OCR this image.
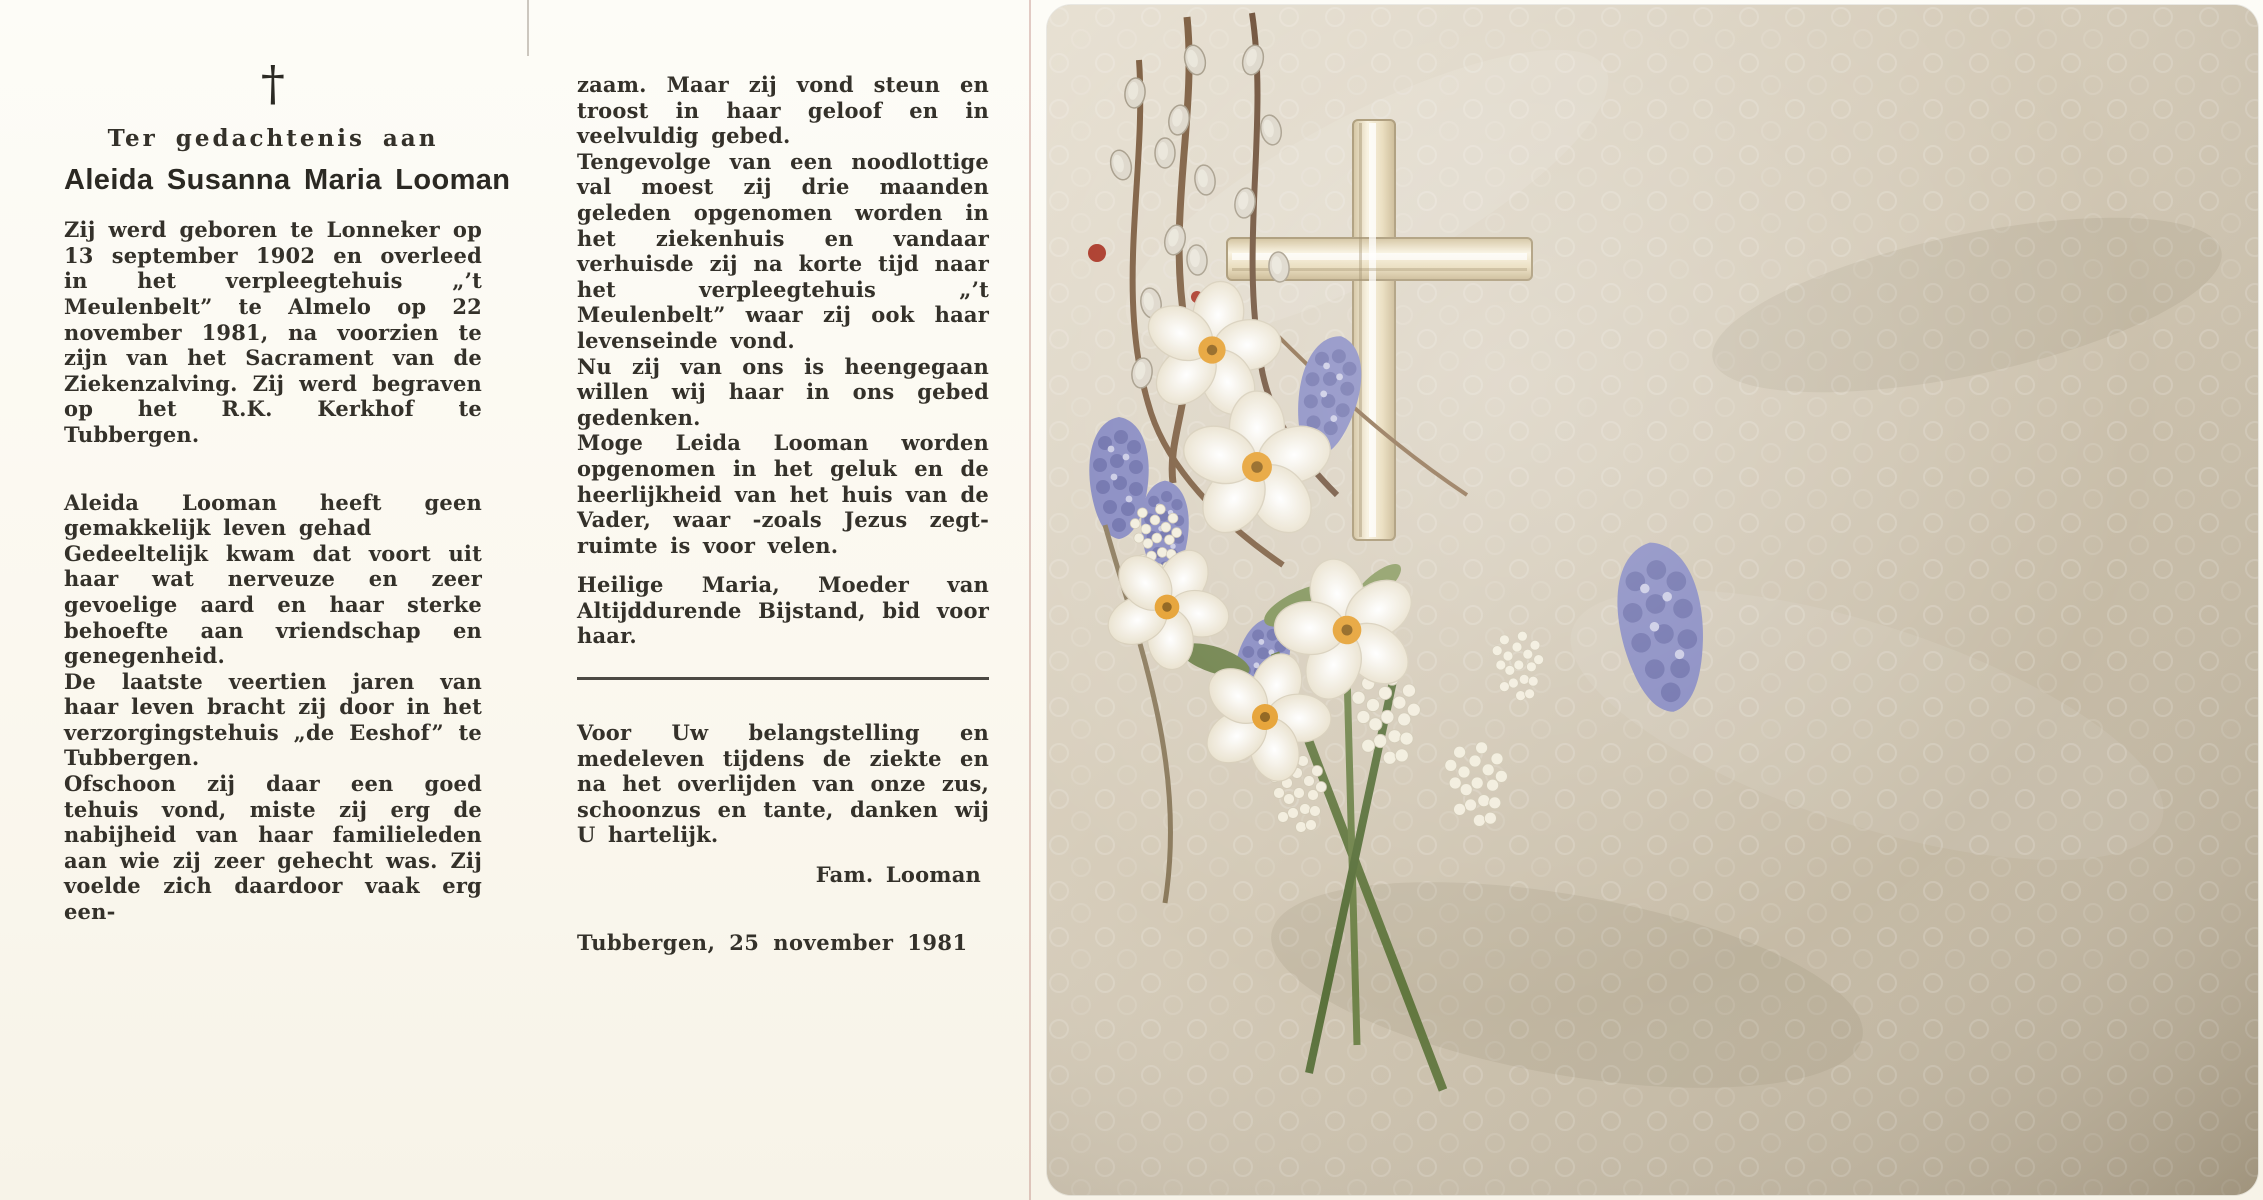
†
Ter gedachtenis aan
Aleida Susanna Maria Looman

Zij werd geboren te Lonneker op 13 september 1902 en overleed in het verpleegtehuis „’t Meulenbelt” te Almelo op 22 november 1981, na voorzien te zijn van het Sacrament van de Ziekenzalving. Zij werd begraven op het R.K. Kerkhof te Tubbergen.

Aleida Looman heeft geen gemakkelijk leven gehad

Gedeeltelijk kwam dat voort uit haar wat nerveuze en zeer gevoelige aard en haar sterke behoefte aan vriendschap en genegenheid.

De laatste veertien jaren van haar leven bracht zij door in het verzorgingstehuis „de Eeshof” te Tubbergen.

Ofschoon zij daar een goed tehuis vond, miste zij erg de nabijheid van haar familieleden aan wie zij zeer gehecht was. Zij voelde zich daardoor vaak erg een-

zaam. Maar zij vond steun en troost in haar geloof en in veelvuldig gebed.

Tengevolge van een noodlottige val moest zij drie maanden geleden opgenomen worden in het ziekenhuis en vandaar verhuisde zij na korte tijd naar het verpleegtehuis „’t Meulenbelt” waar zij ook haar levenseinde vond.

Nu zij van ons is heengegaan willen wij haar in ons gebed gedenken.

Moge Leida Looman worden opgenomen in het geluk en de heerlijkheid van het huis van de Vader, waar -zoals Jezus zegt- ruimte is voor velen.

Heilige Maria, Moeder van Altijddurende Bijstand, bid voor haar.

Voor Uw belangstelling en medeleven tijdens de ziekte en na het overlijden van onze zus, schoonzus en tante, danken wij U hartelijk.

Fam. Looman
Tubbergen, 25 november 1981
